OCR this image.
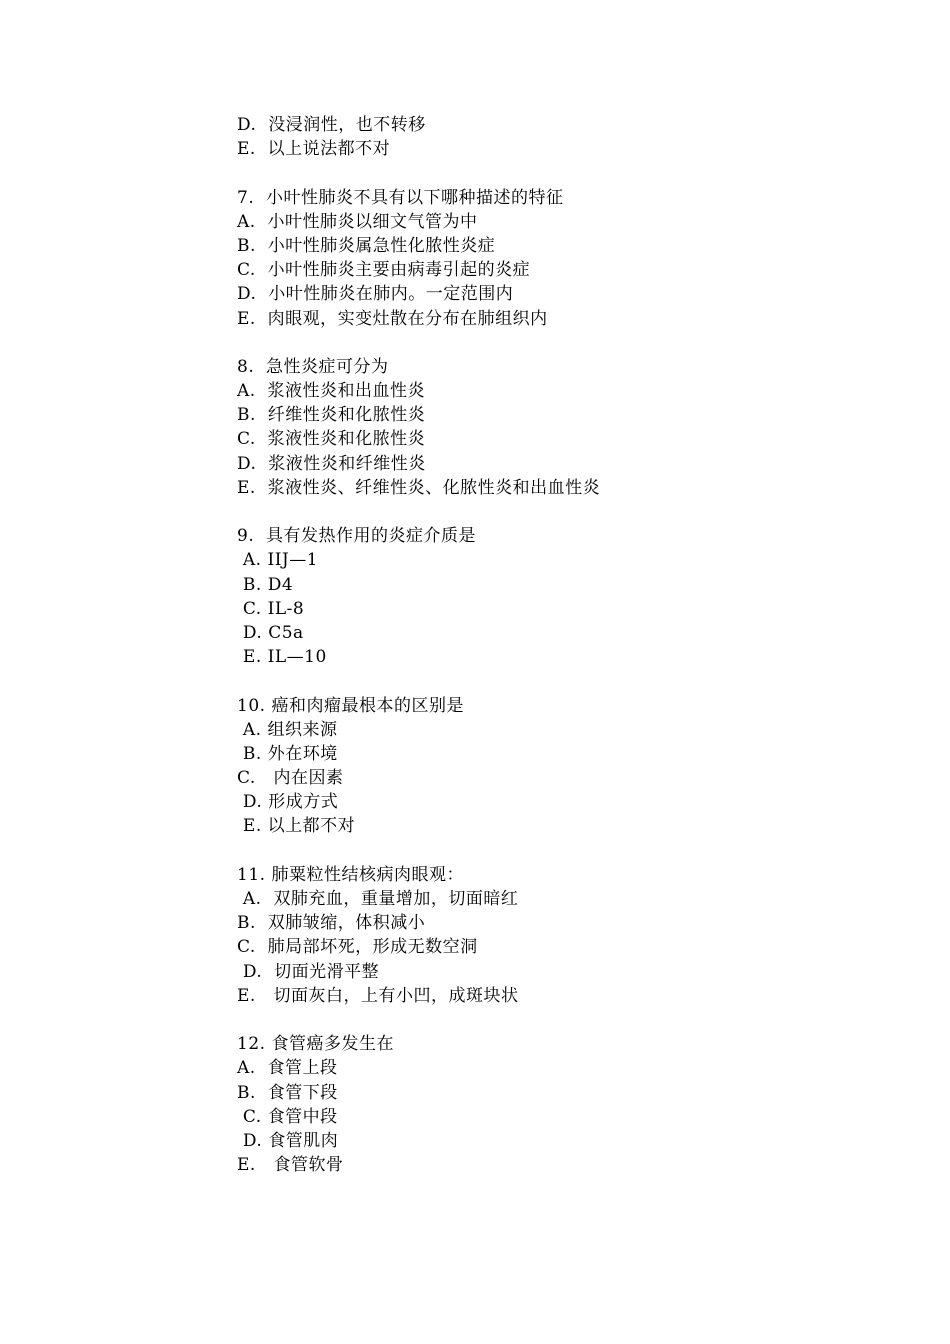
D. 没浸润性，也不转移
E. 以上说法都不对
7.  小叶性肺炎不具有以下哪种描述的特征
A.  小叶性肺炎以细文气管为中
B.  小叶性肺炎属急性化脓性炎症
C.  小叶性肺炎主要由病毒引起的炎症
D.  小叶性肺炎在肺内。一定范围内
E.  肉眼观，实变灶散在分布在肺组织内
8.  急性炎症可分为
A.  浆液性炎和出血性炎
B.  纤维性炎和化脓性炎
C.  浆液性炎和化脓性炎
D.  浆液性炎和纤维性炎
E.  浆液性炎、纤维性炎、化脓性炎和出血性炎
9.  具有发热作用的炎症介质是
A. IIJ—1
B. D4
C. IL-8
D. C5a
E. IL—10
10. 癌和肉瘤最根本的区别是
A. 组织来源
B. 外在环境
C.   内在因素
D. 形成方式
E. 以上都不对
11. 肺粟粒性结核病肉眼观：
A.  双肺充血，重量增加，切面暗红
B.  双肺皱缩，体积减小
C.  肺局部坏死，形成无数空洞
D.  切面光滑平整
E.   切面灰白，上有小凹，成斑块状
12. 食管癌多发生在
A.  食管上段
B.  食管下段
C. 食管中段
D. 食管肌肉
E.   食管软骨
